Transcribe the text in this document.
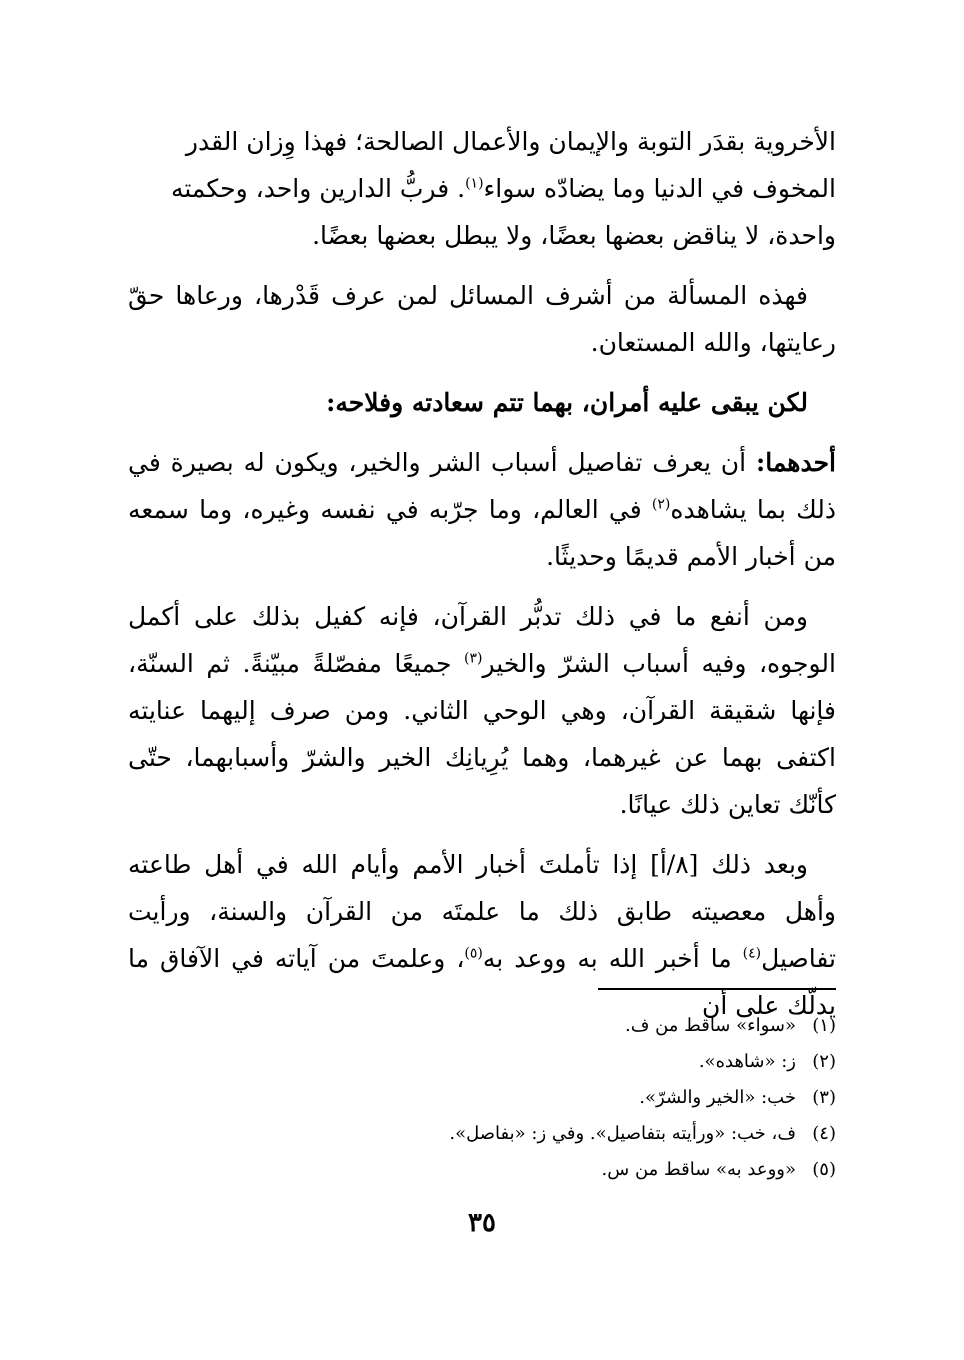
الأخروية بقدَر التوبة والإيمان والأعمال الصالحة؛ فهذا وِزان القدر
المخوف في الدنيا وما يضادّه سواء$^{(١)}$. فربُّ الدارين واحد، وحكمته
واحدة، لا يناقض بعضها بعضًا، ولا يبطل بعضها بعضًا.

فهذه المسألة من أشرف المسائل لمن عرف قَدْرها، ورعاها حقّ رعايتها، والله المستعان.

لكن يبقى عليه أمران، بهما تتم سعادته وفلاحه:

أحدهما: أن يعرف تفاصيل أسباب الشر والخير، ويكون له بصيرة في ذلك بما يشاهده$^{(٢)}$ في العالم، وما جرّبه في نفسه وغيره، وما سمعه من أخبار الأمم قديمًا وحديثًا.

ومن أنفع ما في ذلك تدبُّر القرآن، فإنه كفيل بذلك على أكمل الوجوه، وفيه أسباب الشرّ والخير$^{(٣)}$ جميعًا مفصّلةً مبيّنةً. ثم السنّة، فإنها شقيقة القرآن، وهي الوحي الثاني. ومن صرف إليهما عنايته اكتفى بهما عن غيرهما، وهما يُرِيانِك الخير والشرّ وأسبابهما، حتّى كأنّك تعاين ذلك عيانًا.

وبعد ذلك [٨/أ] إذا تأملتَ أخبار الأمم وأيام الله في أهل طاعته وأهل معصيته طابق ذلك ما علمتَه من القرآن والسنة، ورأيت تفاصيل$^{(٤)}$ ما أخبر الله به ووعد به$^{(٥)}$، وعلمتَ من آياته في الآفاق ما يدلّك على أن

(١)«سواء» ساقط من ف.
(٢)ز: «شاهده».
(٣)خب: «الخير والشرّ».
(٤)ف، خب: «ورأيته بتفاصيل». وفي ز: «بفاصل».
(٥)«ووعد به» ساقط من س.
٣٥
